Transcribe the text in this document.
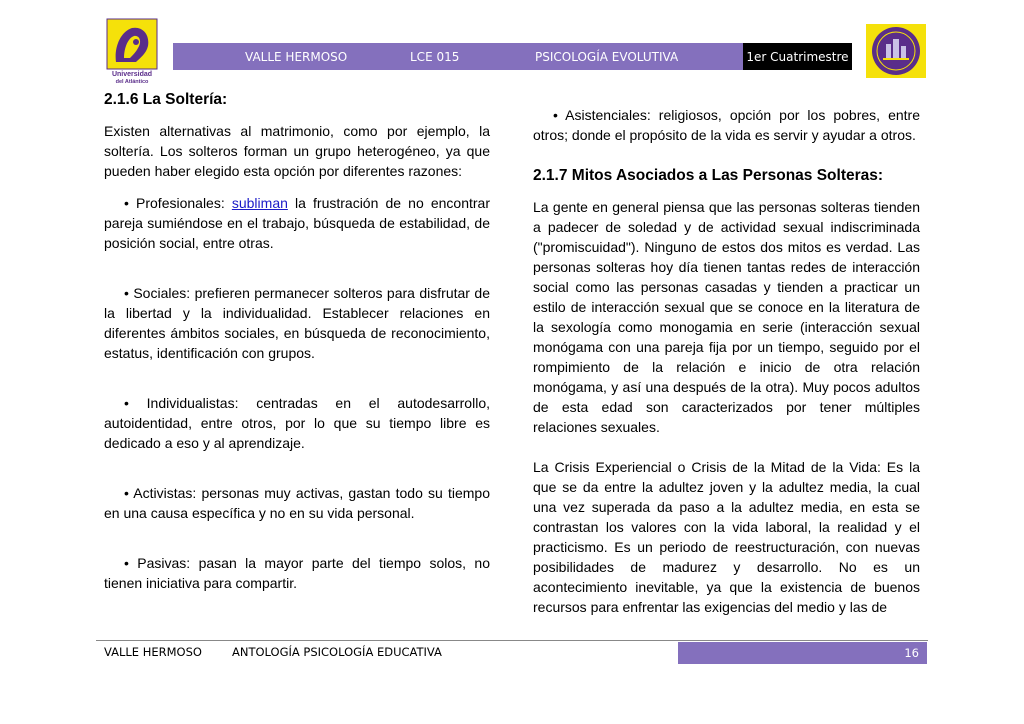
Universidad
del Atlántico
VALLE HERMOSO	LCE 015	PSICOLOGÍA EVOLUTIVA	1er Cuatrimestre
2.1.6 La Soltería:

Existen alternativas al matrimonio, como por ejemplo, la soltería. Los solteros forman un grupo heterogéneo, ya que pueden haber elegido esta opción por diferentes razones:

• Profesionales: subliman la frustración de no encontrar pareja sumiéndose en el trabajo, búsqueda de estabilidad, de posición social, entre otras.

• Sociales: prefieren permanecer solteros para disfrutar de la libertad y la individualidad. Establecer relaciones en diferentes ámbitos sociales, en búsqueda de reconocimiento, estatus, identificación con grupos.

• Individualistas: centradas en el autodesarrollo, autoidentidad, entre otros, por lo que su tiempo libre es dedicado a eso y al aprendizaje.

• Activistas: personas muy activas, gastan todo su tiempo en una causa específica y no en su vida personal.

• Pasivas: pasan la mayor parte del tiempo solos, no tienen iniciativa para compartir.

• Asistenciales: religiosos, opción por los pobres, entre otros; donde el propósito de la vida es servir y ayudar a otros.

2.1.7 Mitos Asociados a Las Personas Solteras:

La gente en general piensa que las personas solteras tienden a padecer de soledad y de actividad sexual indiscriminada ("promiscuidad"). Ninguno de estos dos mitos es verdad. Las personas solteras hoy día tienen tantas redes de interacción social como las personas casadas y tienden a practicar un estilo de interacción sexual que se conoce en la literatura de la sexología como monogamia en serie (interacción sexual monógama con una pareja fija por un tiempo, seguido por el rompimiento de la relación e inicio de otra relación monógama, y así una después de la otra). Muy pocos adultos de esta edad son caracterizados por tener múltiples relaciones sexuales.

La Crisis Experiencial o Crisis de la Mitad de la Vida: Es la que se da entre la adultez joven y la adultez media, la cual una vez superada da paso a la adultez media, en esta se contrastan los valores con la vida laboral, la realidad y el practicismo. Es un periodo de reestructuración, con nuevas posibilidades de madurez y desarrollo. No es un acontecimiento inevitable, ya que la existencia de buenos recursos para enfrentar las exigencias del medio y las de

VALLE HERMOSO	ANTOLOGÍA PSICOLOGÍA EDUCATIVA	16
